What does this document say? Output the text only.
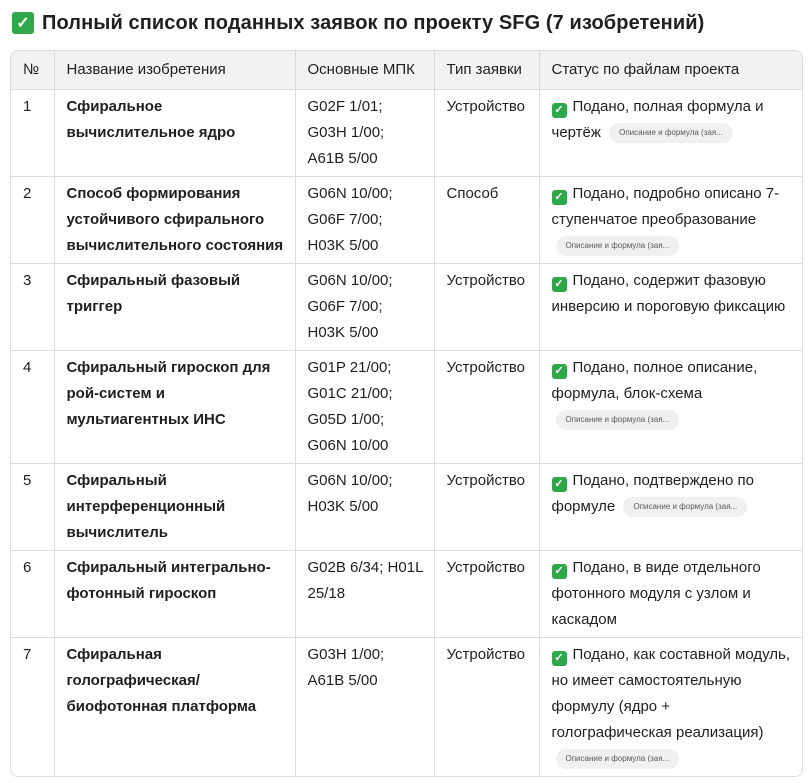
✓ Полный список поданных заявок по проекту SFG (7 изобретений)
№	Название изобретения	Основные МПК	Тип заявки	Статус по файлам проекта
1	Сфиральное вычислительное ядро	G02F 1/01; G03H 1/00; A61B 5/00	Устройство	✓ Подано, полная формула и чертёж Описание и формула (зая...
2	Способ формирования устойчивого сфирального вычислительного состояния	G06N 10/00; G06F 7/00; H03K 5/00	Способ	✓ Подано, подробно описано 7-ступенчатое преобразование
Описание и формула (зая...
3	Сфиральный фазовый триггер	G06N 10/00; G06F 7/00; H03K 5/00	Устройство	✓ Подано, содержит фазовую инверсию и пороговую фиксацию
4	Сфиральный гироскоп для рой-систем и мультиагентных ИНС	G01P 21/00; G01C 21/00; G05D 1/00; G06N 10/00	Устройство	✓ Подано, полное описание, формула, блок-схема
Описание и формула (зая...
5	Сфиральный интерференционный вычислитель	G06N 10/00; H03K 5/00	Устройство	✓ Подано, подтверждено по формуле Описание и формула (зая...
6	Сфиральный интегрально-фотонный гироскоп	G02B 6/34; H01L 25/18	Устройство	✓ Подано, в виде отдельного фотонного модуля с узлом и каскадом
7	Сфиральная голографическая/ биофотонная платформа	G03H 1/00; A61B 5/00	Устройство	✓ Подано, как составной модуль, но имеет самостоятельную формулу (ядро + голографическая реализация)
Описание и формула (зая...
